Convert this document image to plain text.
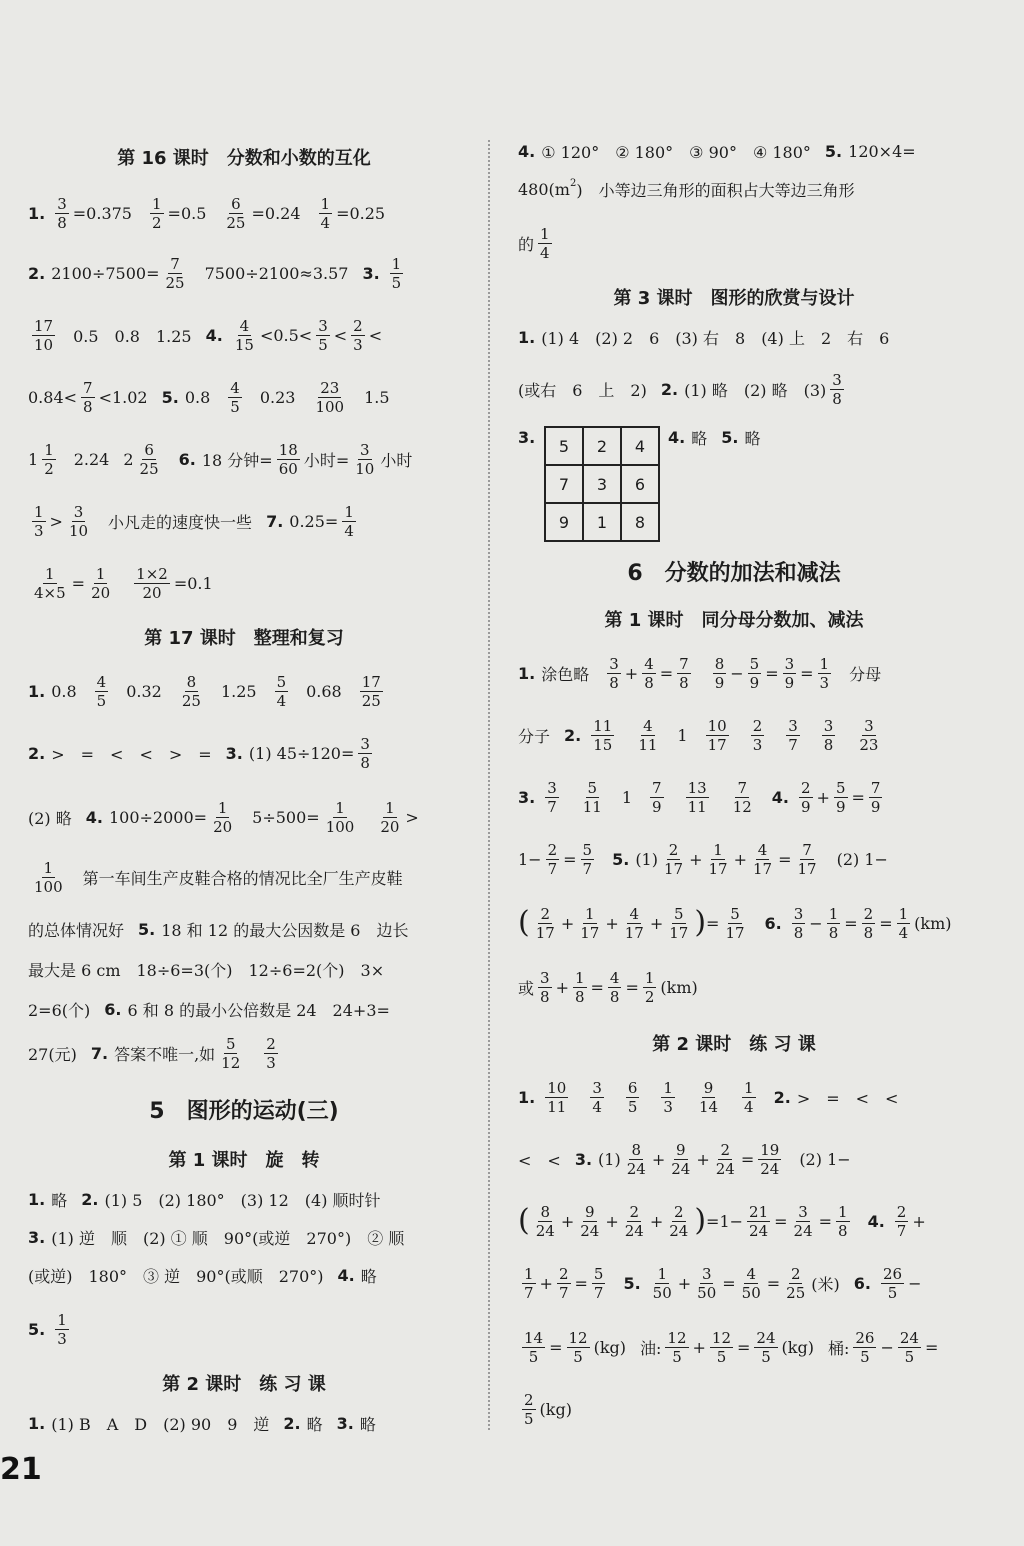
第 16 课时　分数和小数的互化
1. $\frac{3}{8} =0.375 \frac{1}{2} =0.5 \frac{6}{25} =0.24 \frac{1}{4} =0.25$
2. $2100\div 7500= \frac{7}{25} 7500\div 2100\approx 3.57$ 3. $\frac{1}{5}$
$\frac{17}{10} 0.5$　0.8　1.25 4. $\frac{4}{15} <0.5< \frac{3}{5} < \frac{2}{3}$ <
$0.84< \frac{7}{8} <1.02$ 5. $0.8 \frac{4}{5} 0.23 \frac{23}{100} 1.5$
$1 \frac{1}{2} 2.24$ $2 \frac{6}{25} 6$. 18 分钟= $\frac{18}{60}$ 小时= $\frac{3}{10}$ 小时
$\frac{1}{3} > \frac{3}{10}$ 小凡走的速度快一些 7. $0.25= \frac{1}{4}$
$\frac{1}{4\times 5} = \frac{1}{20} \frac{1\times 2}{20} =0.1$
第 17 课时　整理和复习
1. $0.8 \frac{4}{5} 0.32 \frac{8}{25} 1.25 \frac{5}{4} 0.68 \frac{17}{25}$
2. >　=　<　<　>　= 3. (1) $45\div 120= \frac{3}{8}$
(2) 略 4. $100\div 2000= \frac{1}{20} 5\div 500= \frac{1}{100} \frac{1}{20}$ >
$\frac{1}{100}$ 第一车间生产皮鞋合格的情况比全厂生产皮鞋
的总体情况好 5. 18 和 12 的最大公因数是 6　边长
最大是 6 cm　18÷6=3(个)　12÷6=2(个)　3×
2=6(个) 6. 6 和 8 的最小公倍数是 24　24+3=
27(元) 7. 答案不唯一,如 $\frac{5}{12} \frac{2}{3}$
5　图形的运动(三)
第 1 课时　旋　转
1. 略 2. (1) 5　(2) 180°　(3) 12　(4) 顺时针
3. (1) 逆　顺　(2) ① 顺　90°(或逆　270°)　② 顺
(或逆)　180°　③ 逆　90°(或顺　270°) 4. 略
5. $\frac{1}{3}$
第 2 课时　练 习 课
1. (1) B　A　D　(2) 90　9　逆 2. 略 3. 略
21
4. ① 120°　② 180°　③ 90°　④ 180° 5. 120×4=
480(m 2 )　小等边三角形的面积占大等边三角形
的 $\frac{1}{4}$
第 3 课时　图形的欣赏与设计
1. (1) 4　(2) 2　6　(3) 右　8　(4) 上　2　右　6
(或右　6　上　2) 2. (1) 略　(2) 略　$(3) \frac{3}{8}$
3. 5	2	4
7	3	6
9	1	8
4. 略 5. 略
6　分数的加法和减法
第 1 课时　同分母分数加、减法
1. 涂色略 $\frac{3}{8} + \frac{4}{8} = \frac{7}{8} \frac{8}{9} - \frac{5}{9} = \frac{3}{9} = \frac{1}{3}$ 分母
分子 2. $\frac{11}{15} \frac{4}{11} 1 \frac{10}{17} \frac{2}{3} \frac{3}{7} \frac{3}{8} \frac{3}{23}$
3. $\frac{3}{7} \frac{5}{11} 1 \frac{7}{9} \frac{13}{11} \frac{7}{12} 4$. $\frac{2}{9} + \frac{5}{9} = \frac{7}{9}$
$1- \frac{2}{7} = \frac{5}{7} 5$. $(1) \frac{2}{17} + \frac{1}{17} + \frac{4}{17} = \frac{7}{17} (2)$ 1−
( $\frac{2}{17} + \frac{1}{17} + \frac{4}{17} + \frac{5}{17}$ ) = $\frac{5}{17} 6$. $\frac{3}{8} - \frac{1}{8} = \frac{2}{8} = \frac{1}{4} (km)$
或 $\frac{3}{8} + \frac{1}{8} = \frac{4}{8} = \frac{1}{2} (km)$
第 2 课时　练 习 课
1. $\frac{10}{11} \frac{3}{4} \frac{6}{5} \frac{1}{3} \frac{9}{14} \frac{1}{4} 2$. >　=　<　<
<　< 3. $(1) \frac{8}{24} + \frac{9}{24} + \frac{2}{24} = \frac{19}{24} (2)$ 1−
( $\frac{8}{24} + \frac{9}{24} + \frac{2}{24} + \frac{2}{24}$ ) $=1- \frac{21}{24} = \frac{3}{24} = \frac{1}{8} 4$. $\frac{2}{7}$ +
$\frac{1}{7} + \frac{2}{7} = \frac{5}{7} 5$. $\frac{1}{50} + \frac{3}{50} = \frac{4}{50} = \frac{2}{25}$ (米) 6. $\frac{26}{5}$ −
$\frac{14}{5} = \frac{12}{5} (kg)$ 油: $\frac{12}{5} + \frac{12}{5} = \frac{24}{5} (kg)$ 桶: $\frac{26}{5} - \frac{24}{5}$ =
$\frac{2}{5} (kg)$
